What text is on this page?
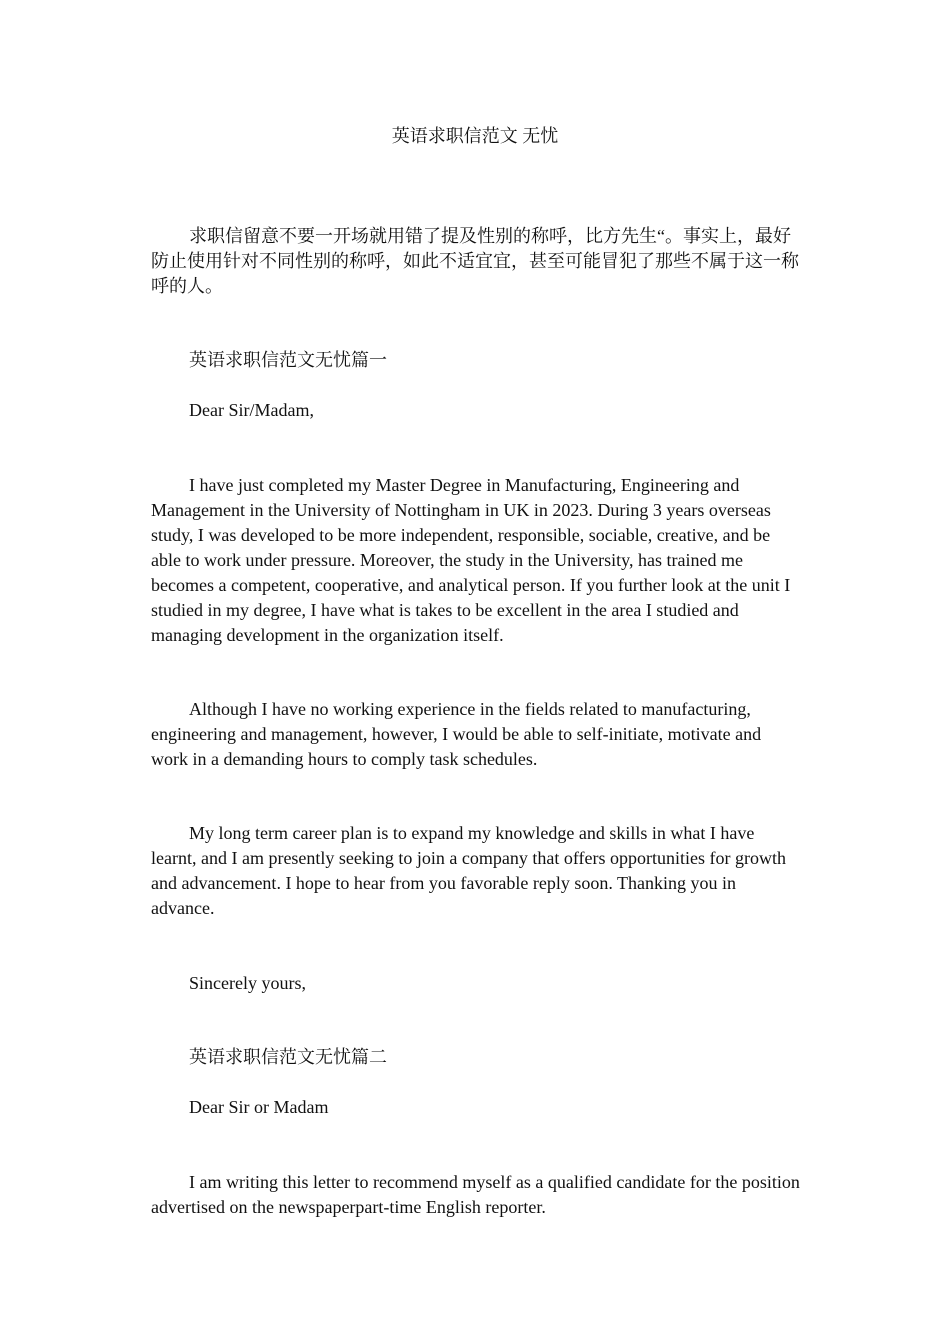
英语求职信范文 无忧

求职信留意不要一开场就用错了提及性别的称呼，比方先生“。事实上，最好防止使用针对不同性别的称呼，如此不适宜宜，甚至可能冒犯了那些不属于这一称呼的人。

英语求职信范文无忧篇一

Dear Sir/Madam,

I have just completed my Master Degree in Manufacturing, Engineering and Management in the University of Nottingham in UK in 2023. During 3 years overseas study, I was developed to be more independent, responsible, sociable, creative, and be able to work under pressure. Moreover, the study in the University, has trained me becomes a competent, cooperative, and analytical person. If you further look at the unit I studied in my degree, I have what is takes to be excellent in the area I studied and managing development in the organization itself.

Although I have no working experience in the fields related to manufacturing, engineering and management, however, I would be able to self-initiate, motivate and work in a demanding hours to comply task schedules.

My long term career plan is to expand my knowledge and skills in what I have learnt, and I am presently seeking to join a company that offers opportunities for growth and advancement. I hope to hear from you favorable reply soon. Thanking you in advance.

Sincerely yours,

英语求职信范文无忧篇二

Dear Sir or Madam

I am writing this letter to recommend myself as a qualified candidate for the position advertised on the newspaperpart-time English reporter.
